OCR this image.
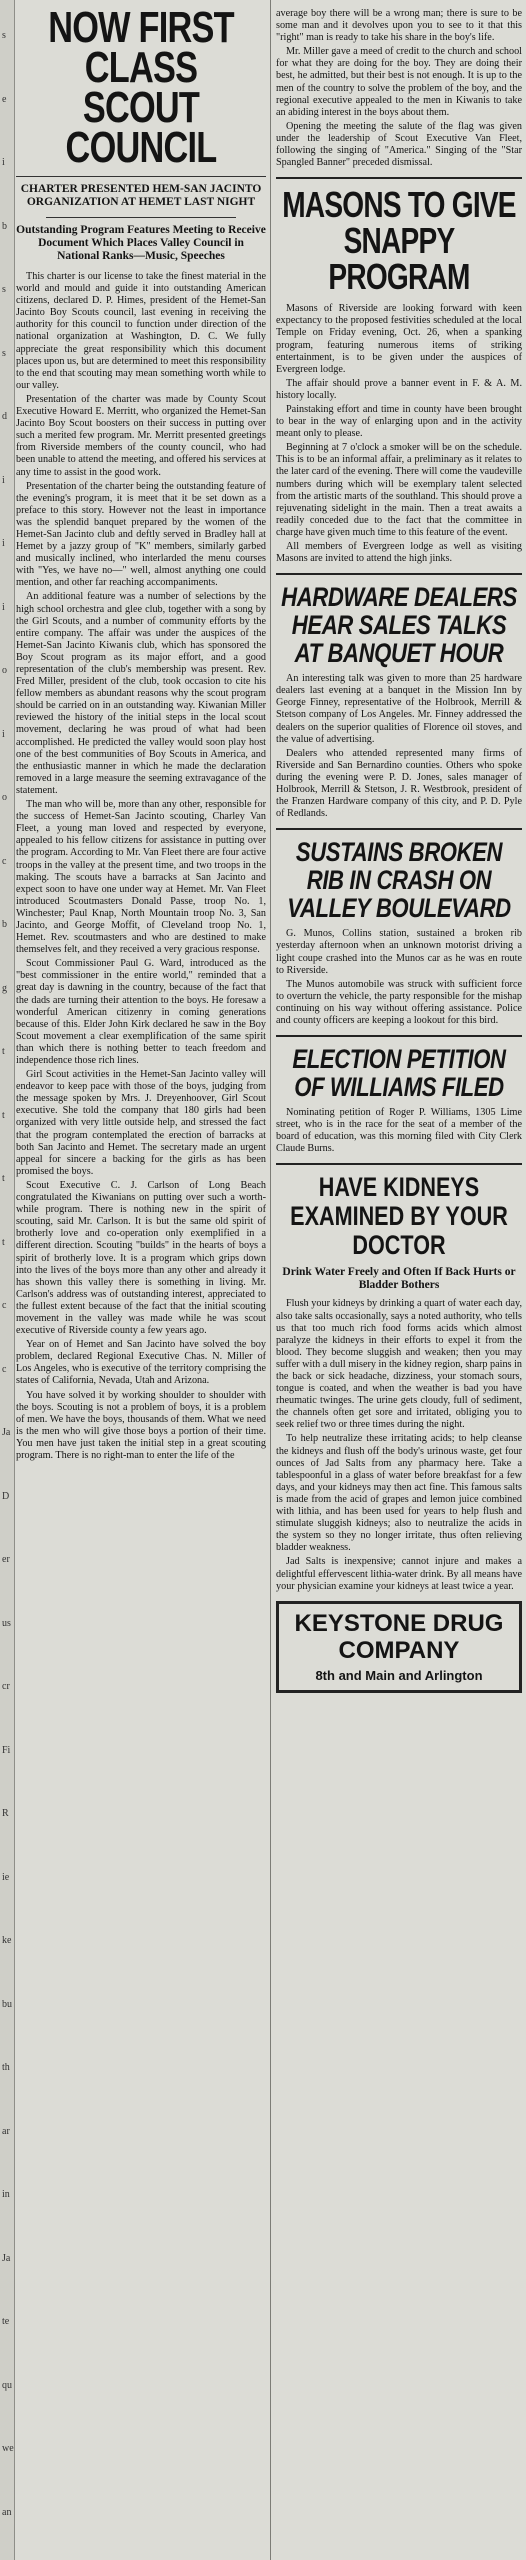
s
e
i
b
s
s
d
i
i
i
o
i
o
c
b
g
t
t
t
t
c
c
Ja
D
er
us
cr
Fi
R
ie
ke
bu
th
ar
in
Ja
te
qu
we
an
NOW FIRST CLASS
SCOUT COUNCIL
CHARTER PRESENTED HEM-SAN JACINTO ORGANIZATION AT HEMET LAST NIGHT
Outstanding Program Features Meeting to Receive Document Which Places Valley Council in National Ranks—Music, Speeches

This charter is our license to take the finest material in the world and mould and guide it into outstanding American citizens, declared D. P. Himes, president of the Hemet-San Jacinto Boy Scouts council, last evening in receiving the authority for this council to function under direction of the national organization at Washington, D. C. We fully appreciate the great responsibility which this document places upon us, but are determined to meet this responsibility to the end that scouting may mean something worth while to our valley.

Presentation of the charter was made by County Scout Executive Howard E. Merritt, who organized the Hemet-San Jacinto Boy Scout boosters on their success in putting over such a merited few program. Mr. Merritt presented greetings from Riverside members of the county council, who had been unable to attend the meeting, and offered his services at any time to assist in the good work.

Presentation of the charter being the outstanding feature of the evening's program, it is meet that it be set down as a preface to this story. However not the least in importance was the splendid banquet prepared by the women of the Hemet-San Jacinto club and deftly served in Bradley hall at Hemet by a jazzy group of "K" members, similarly garbed and musically inclined, who interlarded the menu courses with "Yes, we have no—" well, almost anything one could mention, and other far reaching accompaniments.

An additional feature was a number of selections by the high school orchestra and glee club, together with a song by the Girl Scouts, and a number of community efforts by the entire company. The affair was under the auspices of the Hemet-San Jacinto Kiwanis club, which has sponsored the Boy Scout program as its major effort, and a good representation of the club's membership was present. Rev. Fred Miller, president of the club, took occasion to cite his fellow members as abundant reasons why the scout program should be carried on in an outstanding way. Kiwanian Miller reviewed the history of the initial steps in the local scout movement, declaring he was proud of what had been accomplished. He predicted the valley would soon play host one of the best communities of Boy Scouts in America, and the enthusiastic manner in which he made the declaration removed in a large measure the seeming extravagance of the statement.

The man who will be, more than any other, responsible for the success of Hemet-San Jacinto scouting, Charley Van Fleet, a young man loved and respected by everyone, appealed to his fellow citizens for assistance in putting over the program. According to Mr. Van Fleet there are four active troops in the valley at the present time, and two troops in the making. The scouts have a barracks at San Jacinto and expect soon to have one under way at Hemet. Mr. Van Fleet introduced Scoutmasters Donald Passe, troop No. 1, Winchester; Paul Knap, North Mountain troop No. 3, San Jacinto, and George Moffit, of Cleveland troop No. 1, Hemet. Rev. scoutmasters and who are destined to make themselves felt, and they received a very gracious response.

Scout Commissioner Paul G. Ward, introduced as the "best commissioner in the entire world," reminded that a great day is dawning in the country, because of the fact that the dads are turning their attention to the boys. He foresaw a wonderful American citizenry in coming generations because of this. Elder John Kirk declared he saw in the Boy Scout movement a clear exemplification of the same spirit than which there is nothing better to teach freedom and independence those rich lines.

Girl Scout activities in the Hemet-San Jacinto valley will endeavor to keep pace with those of the boys, judging from the message spoken by Mrs. J. Dreyenhoover, Girl Scout executive. She told the company that 180 girls had been organized with very little outside help, and stressed the fact that the program contemplated the erection of barracks at both San Jacinto and Hemet. The secretary made an urgent appeal for sincere a backing for the girls as has been promised the boys.

Scout Executive C. J. Carlson of Long Beach congratulated the Kiwanians on putting over such a worth-while program. There is nothing new in the spirit of scouting, said Mr. Carlson. It is but the same old spirit of brotherly love and co-operation only exemplified in a different direction. Scouting "builds" in the hearts of boys a spirit of brotherly love. It is a program which grips down into the lives of the boys more than any other and already it has shown this valley there is something in living. Mr. Carlson's address was of outstanding interest, appreciated to the fullest extent because of the fact that the initial scouting movement in the valley was made while he was scout executive of Riverside county a few years ago.

Year on of Hemet and San Jacinto have solved the boy problem, declared Regional Executive Chas. N. Miller of Los Angeles, who is executive of the territory comprising the states of California, Nevada, Utah and Arizona.

You have solved it by working shoulder to shoulder with the boys. Scouting is not a problem of boys, it is a problem of men. We have the boys, thousands of them. What we need is the men who will give those boys a portion of their time. You men have just taken the initial step in a great scouting program. There is no right-man to enter the life of the

average boy there will be a wrong man; there is sure to be some man and it devolves upon you to see to it that this "right" man is ready to take his share in the boy's life.

Mr. Miller gave a meed of credit to the church and school for what they are doing for the boy. They are doing their best, he admitted, but their best is not enough. It is up to the men of the country to solve the problem of the boy, and the regional executive appealed to the men in Kiwanis to take an abiding interest in the boys about them.

Opening the meeting the salute of the flag was given under the leadership of Scout Executive Van Fleet, following the singing of "America." Singing of the "Star Spangled Banner" preceded dismissal.

MASONS TO GIVE
SNAPPY PROGRAM

Masons of Riverside are looking forward with keen expectancy to the proposed festivities scheduled at the local Temple on Friday evening, Oct. 26, when a spanking program, featuring numerous items of striking entertainment, is to be given under the auspices of Evergreen lodge.

The affair should prove a banner event in F. & A. M. history locally.

Painstaking effort and time in county have been brought to bear in the way of enlarging upon and in the activity meant only to please.

Beginning at 7 o'clock a smoker will be on the schedule. This is to be an informal affair, a preliminary as it relates to the later card of the evening. There will come the vaudeville numbers during which will be exemplary talent selected from the artistic marts of the southland. This should prove a rejuvenating sidelight in the main. Then a treat awaits a readily conceded due to the fact that the committee in charge have given much time to this feature of the event.

All members of Evergreen lodge as well as visiting Masons are invited to attend the high jinks.

HARDWARE DEALERS HEAR SALES TALKS AT BANQUET HOUR

An interesting talk was given to more than 25 hardware dealers last evening at a banquet in the Mission Inn by George Finney, representative of the Holbrook, Merrill & Stetson company of Los Angeles. Mr. Finney addressed the dealers on the superior qualities of Florence oil stoves, and the value of advertising.

Dealers who attended represented many firms of Riverside and San Bernardino counties. Others who spoke during the evening were P. D. Jones, sales manager of Holbrook, Merrill & Stetson, J. R. Westbrook, president of the Franzen Hardware company of this city, and P. D. Pyle of Redlands.

SUSTAINS BROKEN RIB IN CRASH ON VALLEY BOULEVARD

G. Munos, Collins station, sustained a broken rib yesterday afternoon when an unknown motorist driving a light coupe crashed into the Munos car as he was en route to Riverside.

The Munos automobile was struck with sufficient force to overturn the vehicle, the party responsible for the mishap continuing on his way without offering assistance. Police and county officers are keeping a lookout for this bird.

ELECTION PETITION OF WILLIAMS FILED

Nominating petition of Roger P. Williams, 1305 Lime street, who is in the race for the seat of a member of the board of education, was this morning filed with City Clerk Claude Burns.

HAVE KIDNEYS EXAMINED BY YOUR DOCTOR
Drink Water Freely and Often If Back Hurts or Bladder Bothers

Flush your kidneys by drinking a quart of water each day, also take salts occasionally, says a noted authority, who tells us that too much rich food forms acids which almost paralyze the kidneys in their efforts to expel it from the blood. They become sluggish and weaken; then you may suffer with a dull misery in the kidney region, sharp pains in the back or sick headache, dizziness, your stomach sours, tongue is coated, and when the weather is bad you have rheumatic twinges. The urine gets cloudy, full of sediment, the channels often get sore and irritated, obliging you to seek relief two or three times during the night.

To help neutralize these irritating acids; to help cleanse the kidneys and flush off the body's urinous waste, get four ounces of Jad Salts from any pharmacy here. Take a tablespoonful in a glass of water before breakfast for a few days, and your kidneys may then act fine. This famous salts is made from the acid of grapes and lemon juice combined with lithia, and has been used for years to help flush and stimulate sluggish kidneys; also to neutralize the acids in the system so they no longer irritate, thus often relieving bladder weakness.

Jad Salts is inexpensive; cannot injure and makes a delightful effervescent lithia-water drink. By all means have your physician examine your kidneys at least twice a year.

KEYSTONE DRUG COMPANY
8th and Main and Arlington
